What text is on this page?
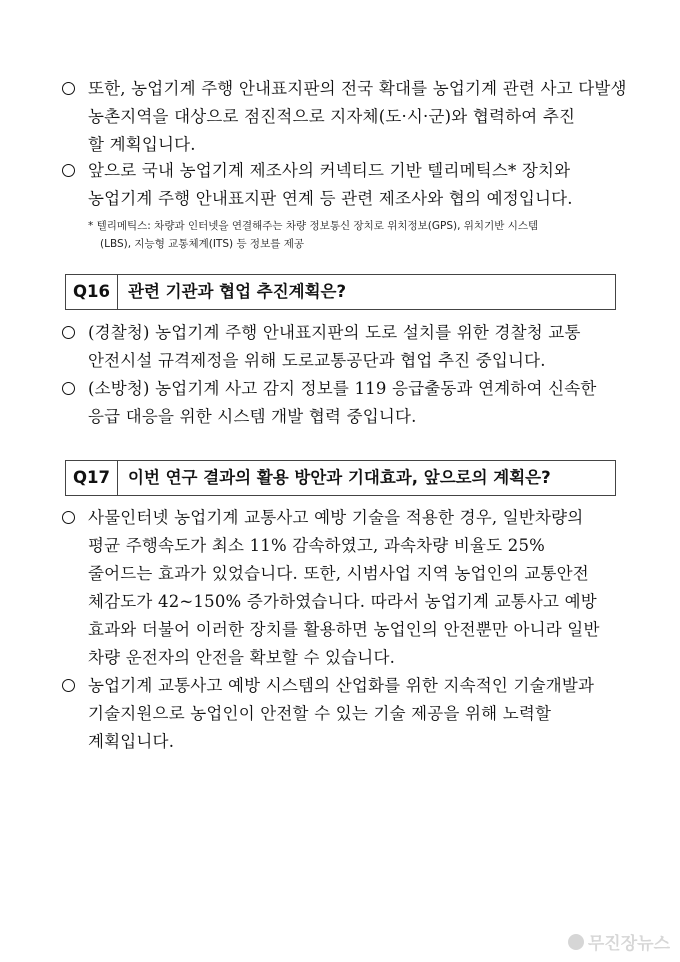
또한, 농업기계 주행 안내표지판의 전국 확대를 농업기계 관련 사고 다발생
농촌지역을 대상으로 점진적으로 지자체(도·시·군)와 협력하여 추진
할 계획입니다.
앞으로 국내 농업기계 제조사의 커넥티드 기반 텔리메틱스* 장치와
농업기계 주행 안내표지판 연계 등 관련 제조사와 협의 예정입니다.
* 텔리메틱스: 차량과 인터넷을 연결해주는 차량 정보통신 장치로 위치정보(GPS), 위치기반 시스템
(LBS), 지능형 교통체계(ITS) 등 정보를 제공
Q16	관련 기관과 협업 추진계획은?
(경찰청) 농업기계 주행 안내표지판의 도로 설치를 위한 경찰청 교통
안전시설 규격제정을 위해 도로교통공단과 협업 추진 중입니다.
(소방청) 농업기계 사고 감지 정보를 119 응급출동과 연계하여 신속한
응급 대응을 위한 시스템 개발 협력 중입니다.
Q17	이번 연구 결과의 활용 방안과 기대효과, 앞으로의 계획은?
사물인터넷 농업기계 교통사고 예방 기술을 적용한 경우, 일반차량의
평균 주행속도가 최소 11% 감속하였고, 과속차량 비율도 25%
줄어드는 효과가 있었습니다. 또한, 시범사업 지역 농업인의 교통안전
체감도가 42~150% 증가하였습니다. 따라서 농업기계 교통사고 예방
효과와 더불어 이러한 장치를 활용하면 농업인의 안전뿐만 아니라 일반
차량 운전자의 안전을 확보할 수 있습니다.
농업기계 교통사고 예방 시스템의 산업화를 위한 지속적인 기술개발과
기술지원으로 농업인이 안전할 수 있는 기술 제공을 위해 노력할
계획입니다.
무진장뉴스
